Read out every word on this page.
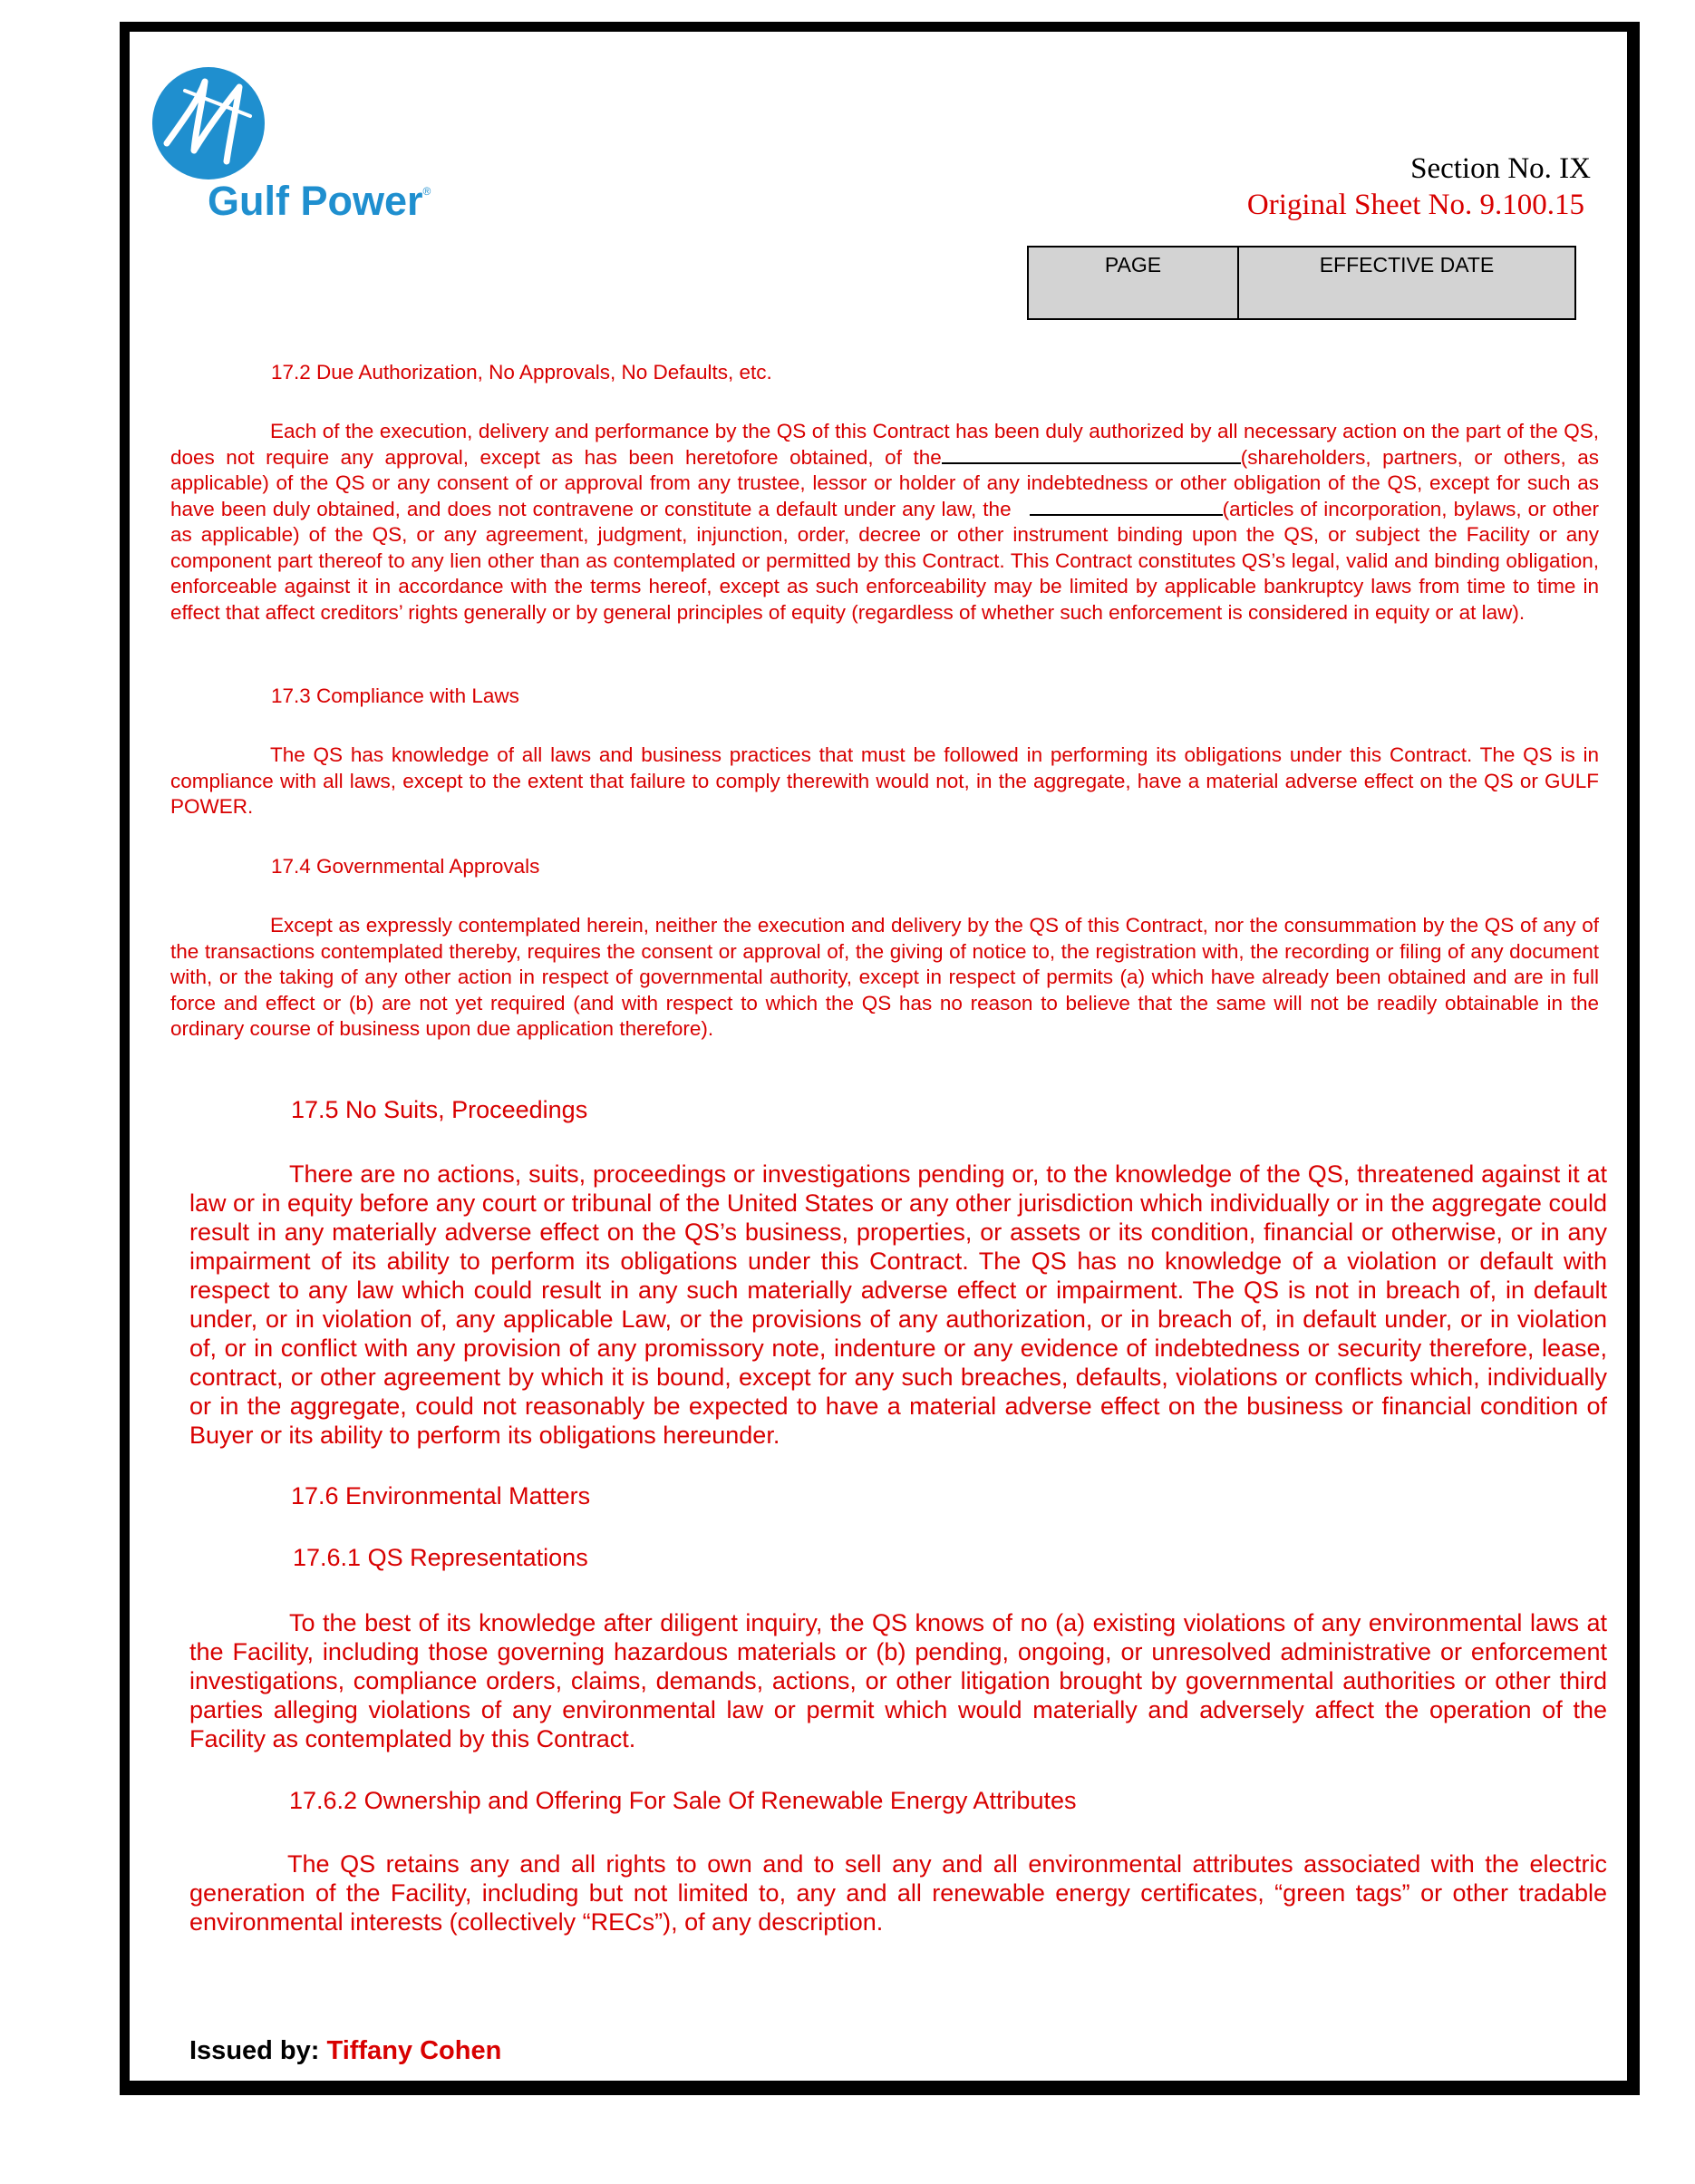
Gulf Power®
Section No. IX
Original Sheet No. 9.100.15
PAGE	EFFECTIVE DATE
17.2 Due Authorization, No Approvals, No Defaults, etc.

Each of the execution, delivery and performance by the QS of this Contract has been duly authorized by all necessary action on the part of the QS, does not require any approval, except as has been heretofore obtained, of the	(shareholders, partners, or others, as applicable) of the QS or any consent of or approval from any trustee, lessor or holder of any indebtedness or other obligation of the QS, except for such as have been duly obtained, and does not contravene or constitute a default under any law, the	(articles of incorporation, bylaws, or other as applicable) of the QS, or any agreement, judgment, injunction, order, decree or other instrument binding upon the QS, or subject the Facility or any component part thereof to any lien other than as contemplated or permitted by this Contract. This Contract constitutes QS’s legal, valid and binding obligation, enforceable against it in accordance with the terms hereof, except as such enforceability may be limited by applicable bankruptcy laws from time to time in effect that affect creditors’ rights generally or by general principles of equity (regardless of whether such enforcement is considered in equity or at law).

17.3 Compliance with Laws

The QS has knowledge of all laws and business practices that must be followed in performing its obligations under this Contract. The QS is in compliance with all laws, except to the extent that failure to comply therewith would not, in the aggregate, have a material adverse effect on the QS or GULF POWER.

17.4 Governmental Approvals

Except as expressly contemplated herein, neither the execution and delivery by the QS of this Contract, nor the consummation by the QS of any of the transactions contemplated thereby, requires the consent or approval of, the giving of notice to, the registration with, the recording or filing of any document with, or the taking of any other action in respect of governmental authority, except in respect of permits (a) which have already been obtained and are in full force and effect or (b) are not yet required (and with respect to which the QS has no reason to believe that the same will not be readily obtainable in the ordinary course of business upon due application therefore).

17.5 No Suits, Proceedings

There are no actions, suits, proceedings or investigations pending or, to the knowledge of the QS, threatened against it at law or in equity before any court or tribunal of the United States or any other jurisdiction which individually or in the aggregate could result in any materially adverse effect on the QS’s business, properties, or assets or its condition, financial or otherwise, or in any impairment of its ability to perform its obligations under this Contract. The QS has no knowledge of a violation or default with respect to any law which could result in any such materially adverse effect or impairment. The QS is not in breach of, in default under, or in violation of, any applicable Law, or the provisions of any authorization, or in breach of, in default under, or in violation of, or in conflict with any provision of any promissory note, indenture or any evidence of indebtedness or security therefore, lease, contract, or other agreement by which it is bound, except for any such breaches, defaults, violations or conflicts which, individually or in the aggregate, could not reasonably be expected to have a material adverse effect on the business or financial condition of Buyer or its ability to perform its obligations hereunder.

17.6 Environmental Matters
17.6.1 QS Representations

To the best of its knowledge after diligent inquiry, the QS knows of no (a) existing violations of any environmental laws at the Facility, including those governing hazardous materials or (b) pending, ongoing, or unresolved administrative or enforcement investigations, compliance orders, claims, demands, actions, or other litigation brought by governmental authorities or other third parties alleging violations of any environmental law or permit which would materially and adversely affect the operation of the Facility as contemplated by this Contract.

17.6.2 Ownership and Offering For Sale Of Renewable Energy Attributes

The QS retains any and all rights to own and to sell any and all environmental attributes associated with the electric generation of the Facility, including but not limited to, any and all renewable energy certificates, “green tags” or other tradable environmental interests (collectively “RECs”), of any description.

Issued by: Tiffany Cohen
